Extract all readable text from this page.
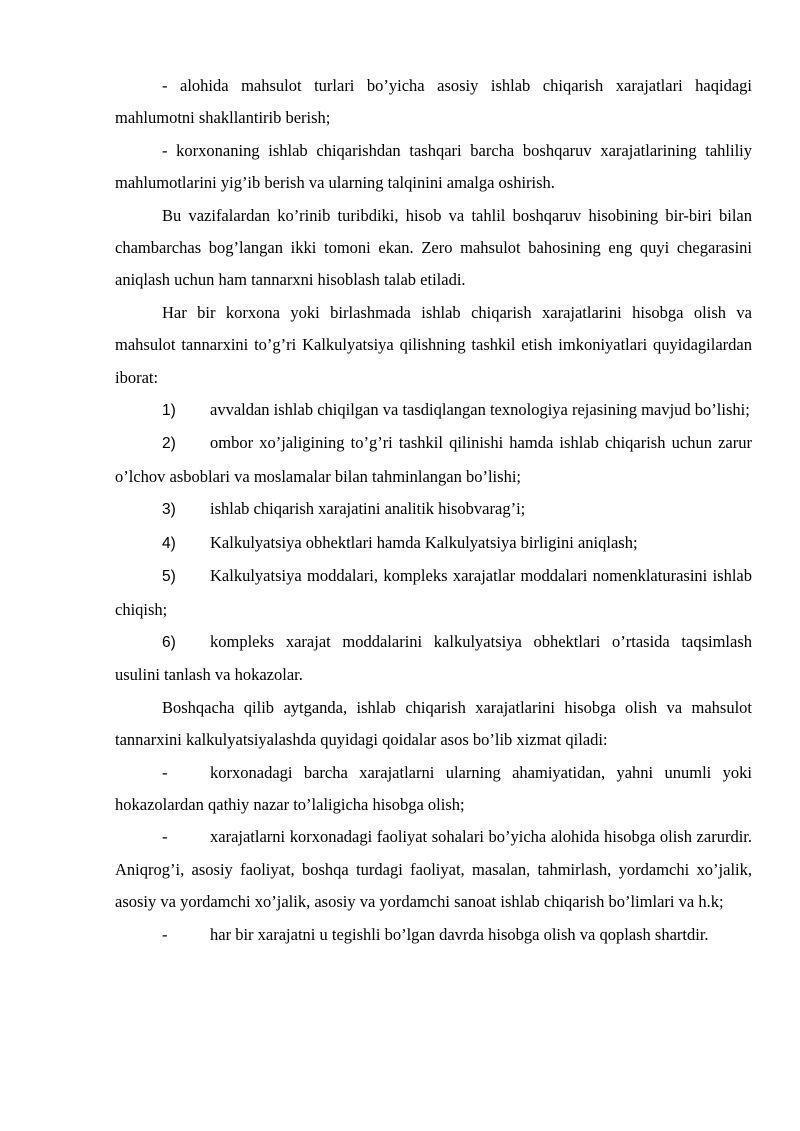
- alohida mahsulot turlari bo’yicha asosiy ishlab chiqarish xarajatlari haqidagi mahlumotni shakllantirib berish;

- korxonaning ishlab chiqarishdan tashqari barcha boshqaruv xarajatlarining tahliliy mahlumotlarini yig’ib berish va ularning talqinini amalga oshirish.

Bu vazifalardan ko’rinib turibdiki, hisob va tahlil boshqaruv hisobining bir-biri bilan chambarchas bog’langan ikki tomoni ekan. Zero mahsulot bahosining eng quyi chegarasini aniqlash uchun ham tannarxni hisoblash talab etiladi.

Har bir korxona yoki birlashmada ishlab chiqarish xarajatlarini hisobga olish va mahsulot tannarxini to’g’ri Kalkulyatsiya qilishning tashkil etish imkoniyatlari quyidagilardan iborat:

1) avvaldan ishlab chiqilgan va tasdiqlangan texnologiya rejasining mavjud bo’lishi;

2) ombor xo’jaligining to’g’ri tashkil qilinishi hamda ishlab chiqarish uchun zarur o’lchov asboblari va moslamalar bilan tahminlangan bo’lishi;

3) ishlab chiqarish xarajatini analitik hisobvarag’i;

4) Kalkulyatsiya obhektlari hamda Kalkulyatsiya birligini aniqlash;

5) Kalkulyatsiya moddalari, kompleks xarajatlar moddalari nomenklaturasini ishlab chiqish;

6) kompleks xarajat moddalarini kalkulyatsiya obhektlari o’rtasida taqsimlash usulini tanlash va hokazolar.

Boshqacha qilib aytganda, ishlab chiqarish xarajatlarini hisobga olish va mahsulot tannarxini kalkulyatsiyalashda quyidagi qoidalar asos bo’lib xizmat qiladi:

-	korxonadagi barcha xarajatlarni ularning ahamiyatidan, yahni unumli yoki hokazolardan qathiy nazar to’laligicha hisobga olish;

-	xarajatlarni korxonadagi faoliyat sohalari bo’yicha alohida hisobga olish zarurdir. Aniqrog’i, asosiy faoliyat, boshqa turdagi faoliyat, masalan, tahmirlash, yordamchi xo’jalik, asosiy va yordamchi xo’jalik, asosiy va yordamchi sanoat ishlab chiqarish bo’limlari va h.k;

-	har bir xarajatni u tegishli bo’lgan davrda hisobga olish va qoplash shartdir.
